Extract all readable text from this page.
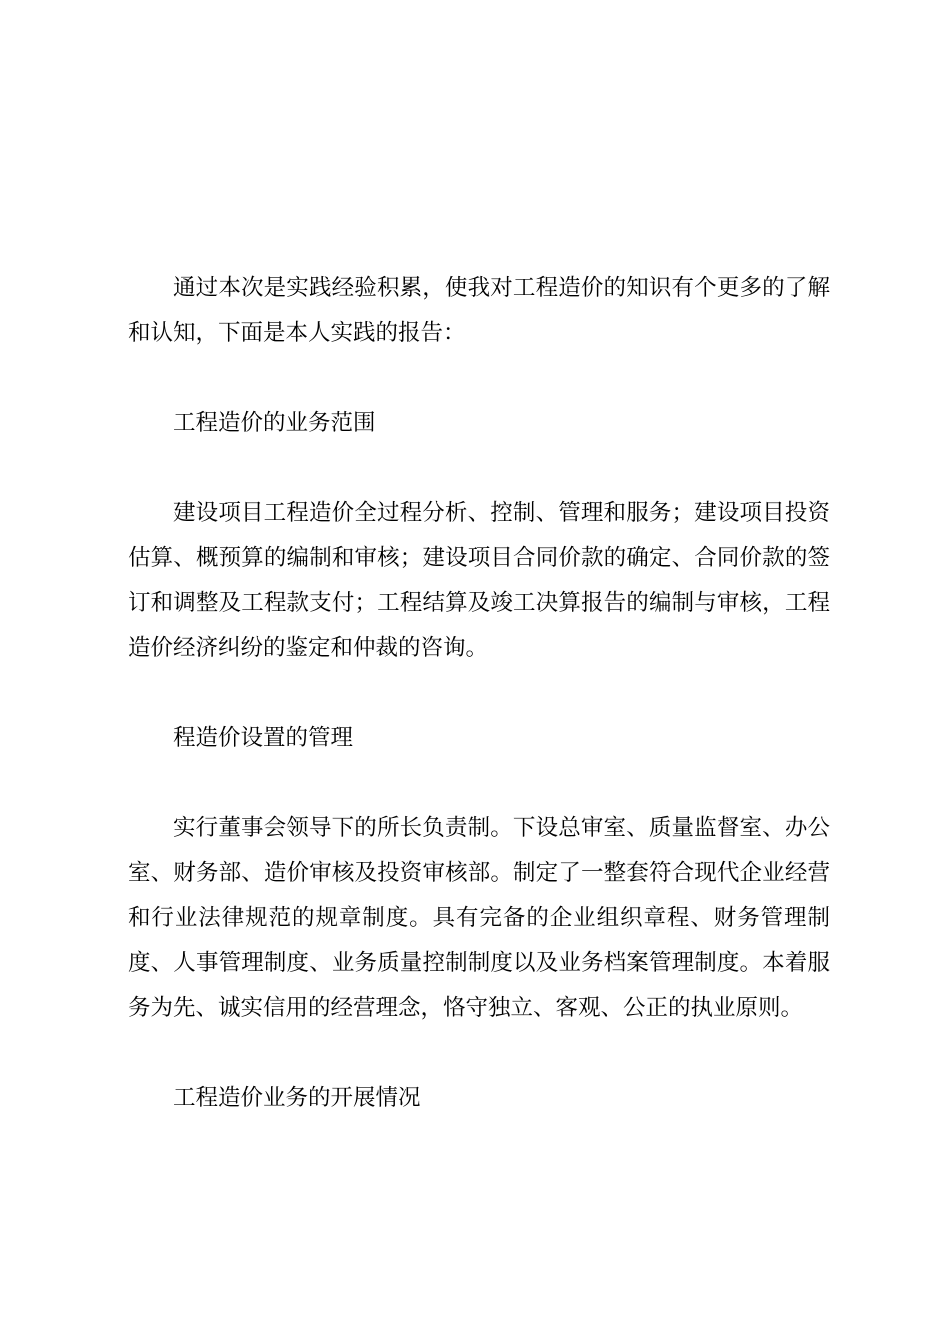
通过本次是实践经验积累，使我对工程造价的知识有个更多的了解和认知，下面是本人实践的报告：

工程造价的业务范围

建设项目工程造价全过程分析、控制、管理和服务；建设项目投资估算、概预算的编制和审核；建设项目合同价款的确定、合同价款的签订和调整及工程款支付；工程结算及竣工决算报告的编制与审核，工程造价经济纠纷的鉴定和仲裁的咨询。

程造价设置的管理

实行董事会领导下的所长负责制。下设总审室、质量监督室、办公室、财务部、造价审核及投资审核部。制定了一整套符合现代企业经营和行业法律规范的规章制度。具有完备的企业组织章程、财务管理制度、人事管理制度、业务质量控制制度以及业务档案管理制度。本着服务为先、诚实信用的经营理念，恪守独立、客观、公正的执业原则。

工程造价业务的开展情况
